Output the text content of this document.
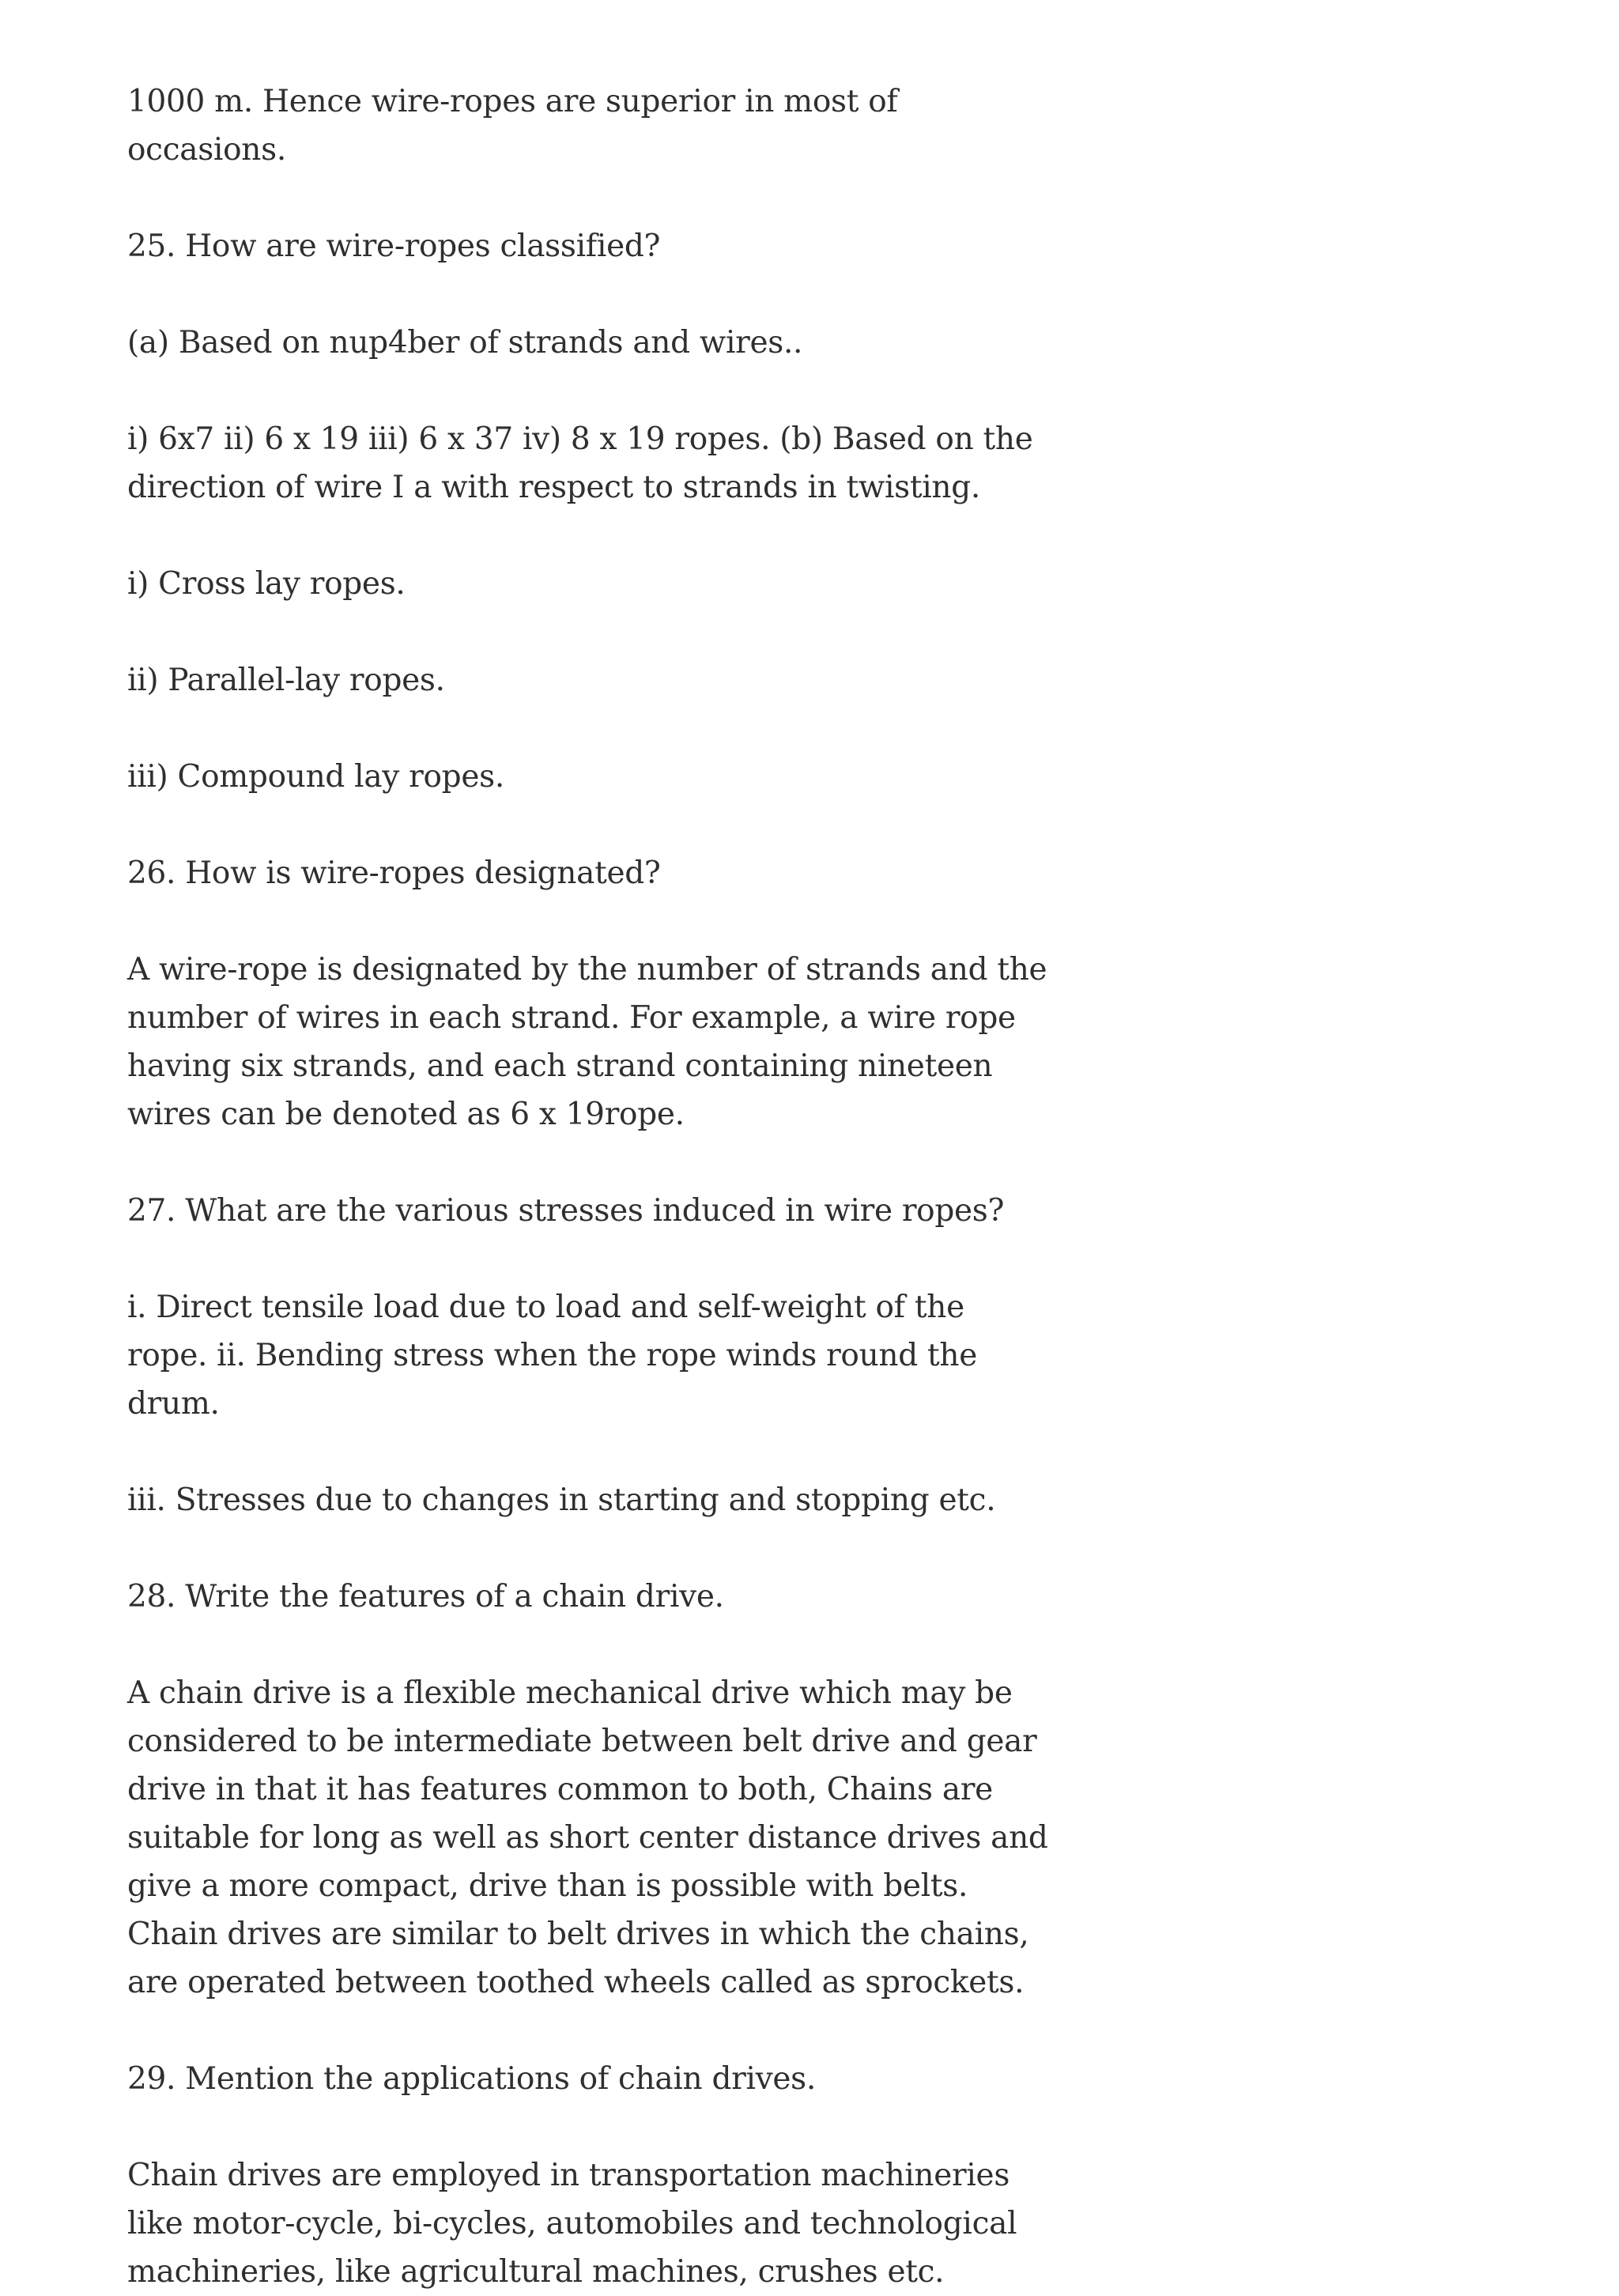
1000 m. Hence wire-ropes are superior in most of occasions.

25. How are wire-ropes classified?

(a) Based on nup4ber of strands and wires..

i) 6x7 ii) 6 x 19 iii) 6 x 37 iv) 8 x 19 ropes. (b) Based on the direction of wire I a with respect to strands in twisting.

i) Cross lay ropes.

ii) Parallel-lay ropes.

iii) Compound lay ropes.

26. How is wire-ropes designated?

A wire-rope is designated by the number of strands and the number of wires in each strand. For example, a wire rope having six strands, and each strand containing nineteen wires can be denoted as 6 x 19rope.

27. What are the various stresses induced in wire ropes?

i. Direct tensile load due to load and self-weight of the rope. ii. Bending stress when the rope winds round the drum.

iii. Stresses due to changes in starting and stopping etc.

28. Write the features of a chain drive.

A chain drive is a flexible mechanical drive which may be considered to be intermediate between belt drive and gear drive in that it has features common to both, Chains are suitable for long as well as short center distance drives and give a more compact, drive than is possible with belts. Chain drives are similar to belt drives in which the chains, are operated between toothed wheels called as sprockets.

29. Mention the applications of chain drives.

Chain drives are employed in transportation machineries like motor-cycle, bi-cycles, automobiles and technological machineries, like agricultural machines, crushes etc.
